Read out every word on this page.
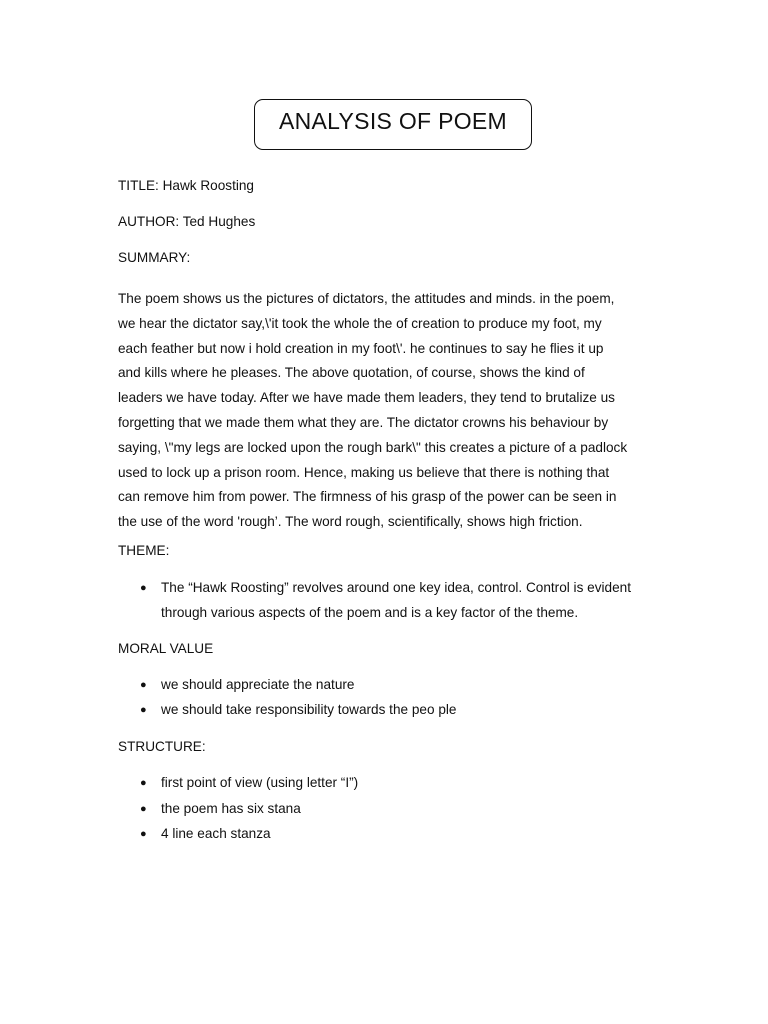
ANALYSIS OF POEM
TITLE: Hawk Roosting
AUTHOR: Ted Hughes
SUMMARY:
The poem shows us the pictures of dictators, the attitudes and minds. in the poem,
we hear the dictator say,\'it took the whole the of creation to produce my foot, my
each feather but now i hold creation in my foot\'. he continues to say he flies it up
and kills where he pleases. The above quotation, of course, shows the kind of
leaders we have today. After we have made them leaders, they tend to brutalize us
forgetting that we made them what they are. The dictator crowns his behaviour by
saying, \"my legs are locked upon the rough bark\" this creates a picture of a padlock
used to lock up a prison room. Hence, making us believe that there is nothing that
can remove him from power. The firmness of his grasp of the power can be seen in
the use of the word 'rough’. The word rough, scientifically, shows high friction.
THEME:
●	The “Hawk Roosting” revolves around one key idea, control. Control is evident
through various aspects of the poem and is a key factor of the theme.
MORAL VALUE
●	we should appreciate the nature
●	we should take responsibility towards the peo ple
STRUCTURE:
●	first point of view (using letter “I”)
●	the poem has six stana
●	4 line each stanza
